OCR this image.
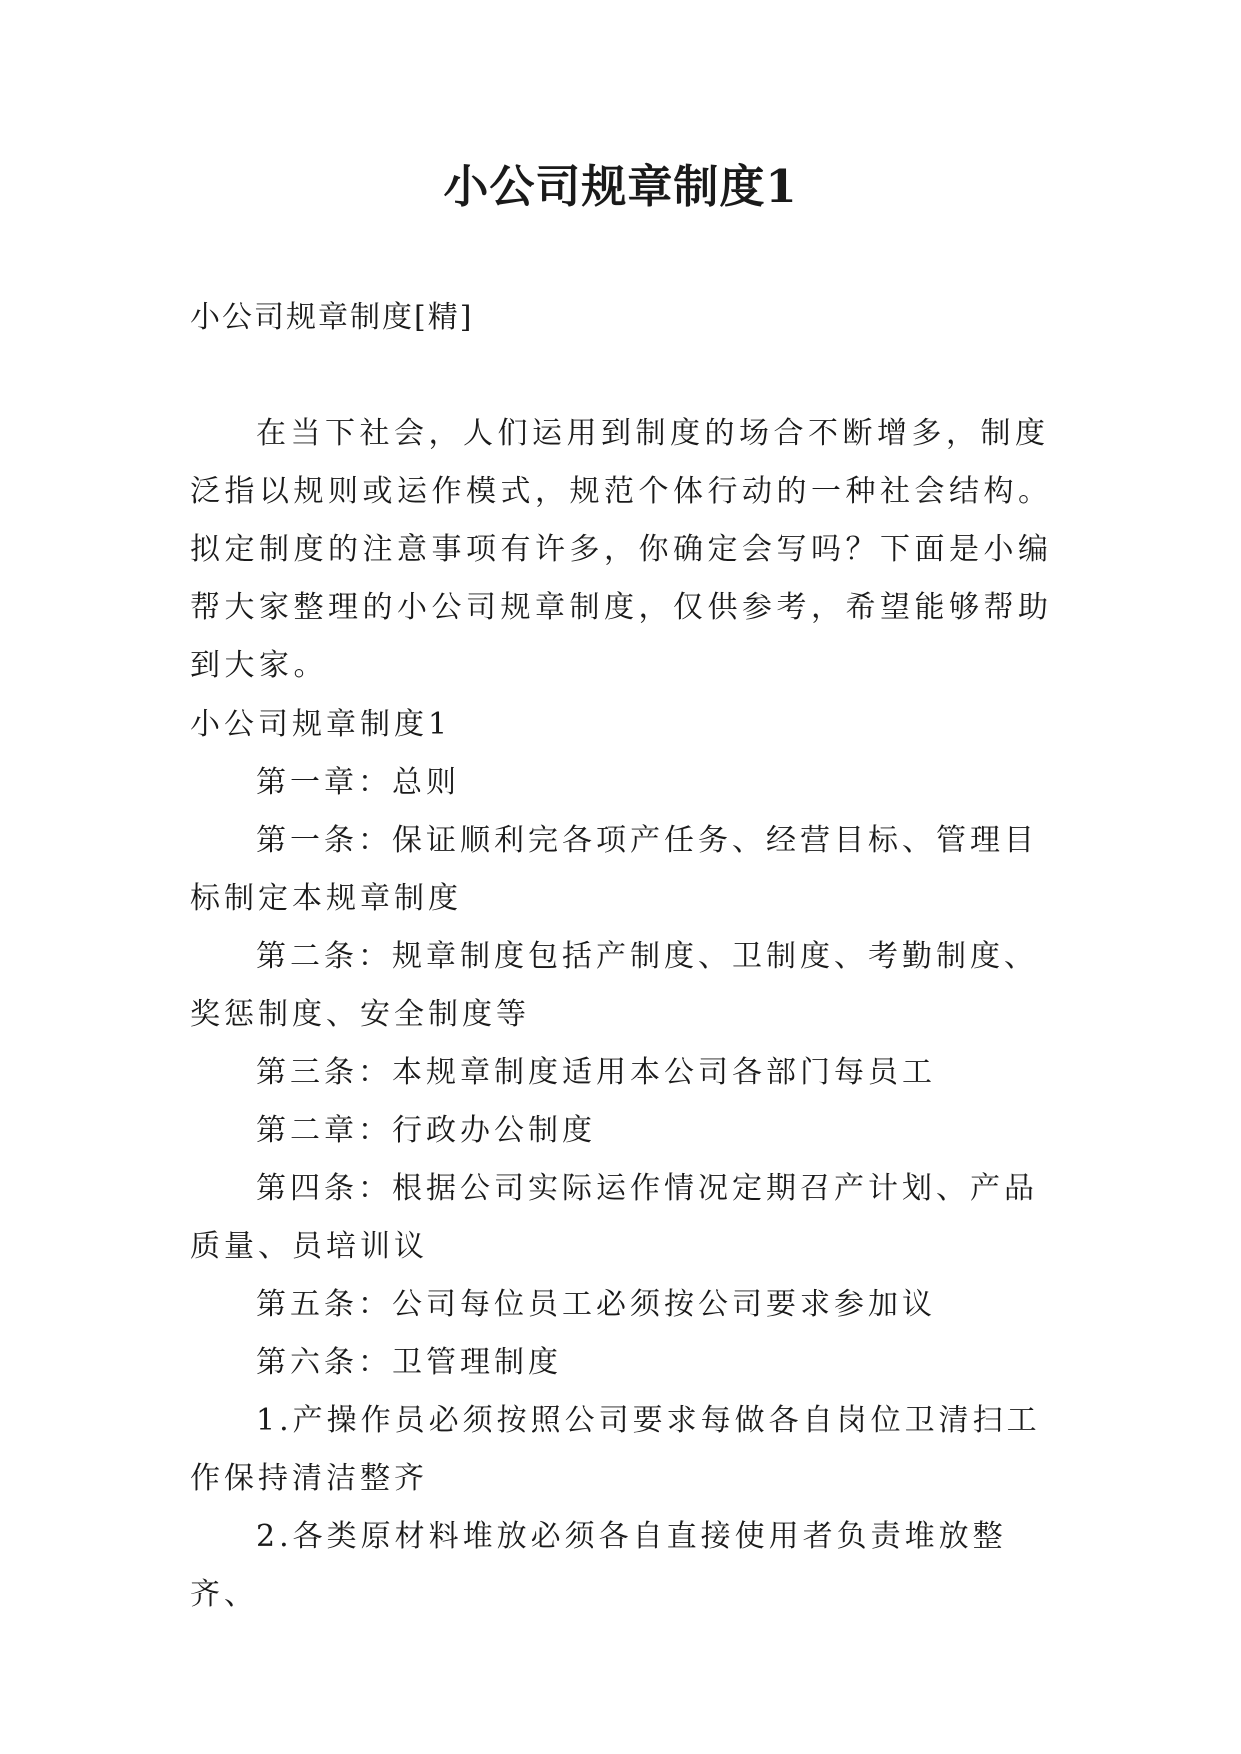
小公司规章制度1
小公司规章制度[精]

在当下社会，人们运用到制度的场合不断增多，制度泛指以规则或运作模式，规范个体行动的一种社会结构。拟定制度的注意事项有许多，你确定会写吗？下面是小编帮大家整理的小公司规章制度，仅供参考，希望能够帮助到大家。

小公司规章制度1

第一章：总则

第一条：保证顺利完各项产任务、经营目标、管理目标制定本规章制度

第二条：规章制度包括产制度、卫制度、考勤制度、奖惩制度、安全制度等

第三条：本规章制度适用本公司各部门每员工

第二章：行政办公制度

第四条：根据公司实际运作情况定期召产计划、产品质量、员培训议

第五条：公司每位员工必须按公司要求参加议

第六条：卫管理制度

1.产操作员必须按照公司要求每做各自岗位卫清扫工作保持清洁整齐

2.各类原材料堆放必须各自直接使用者负责堆放整齐、
